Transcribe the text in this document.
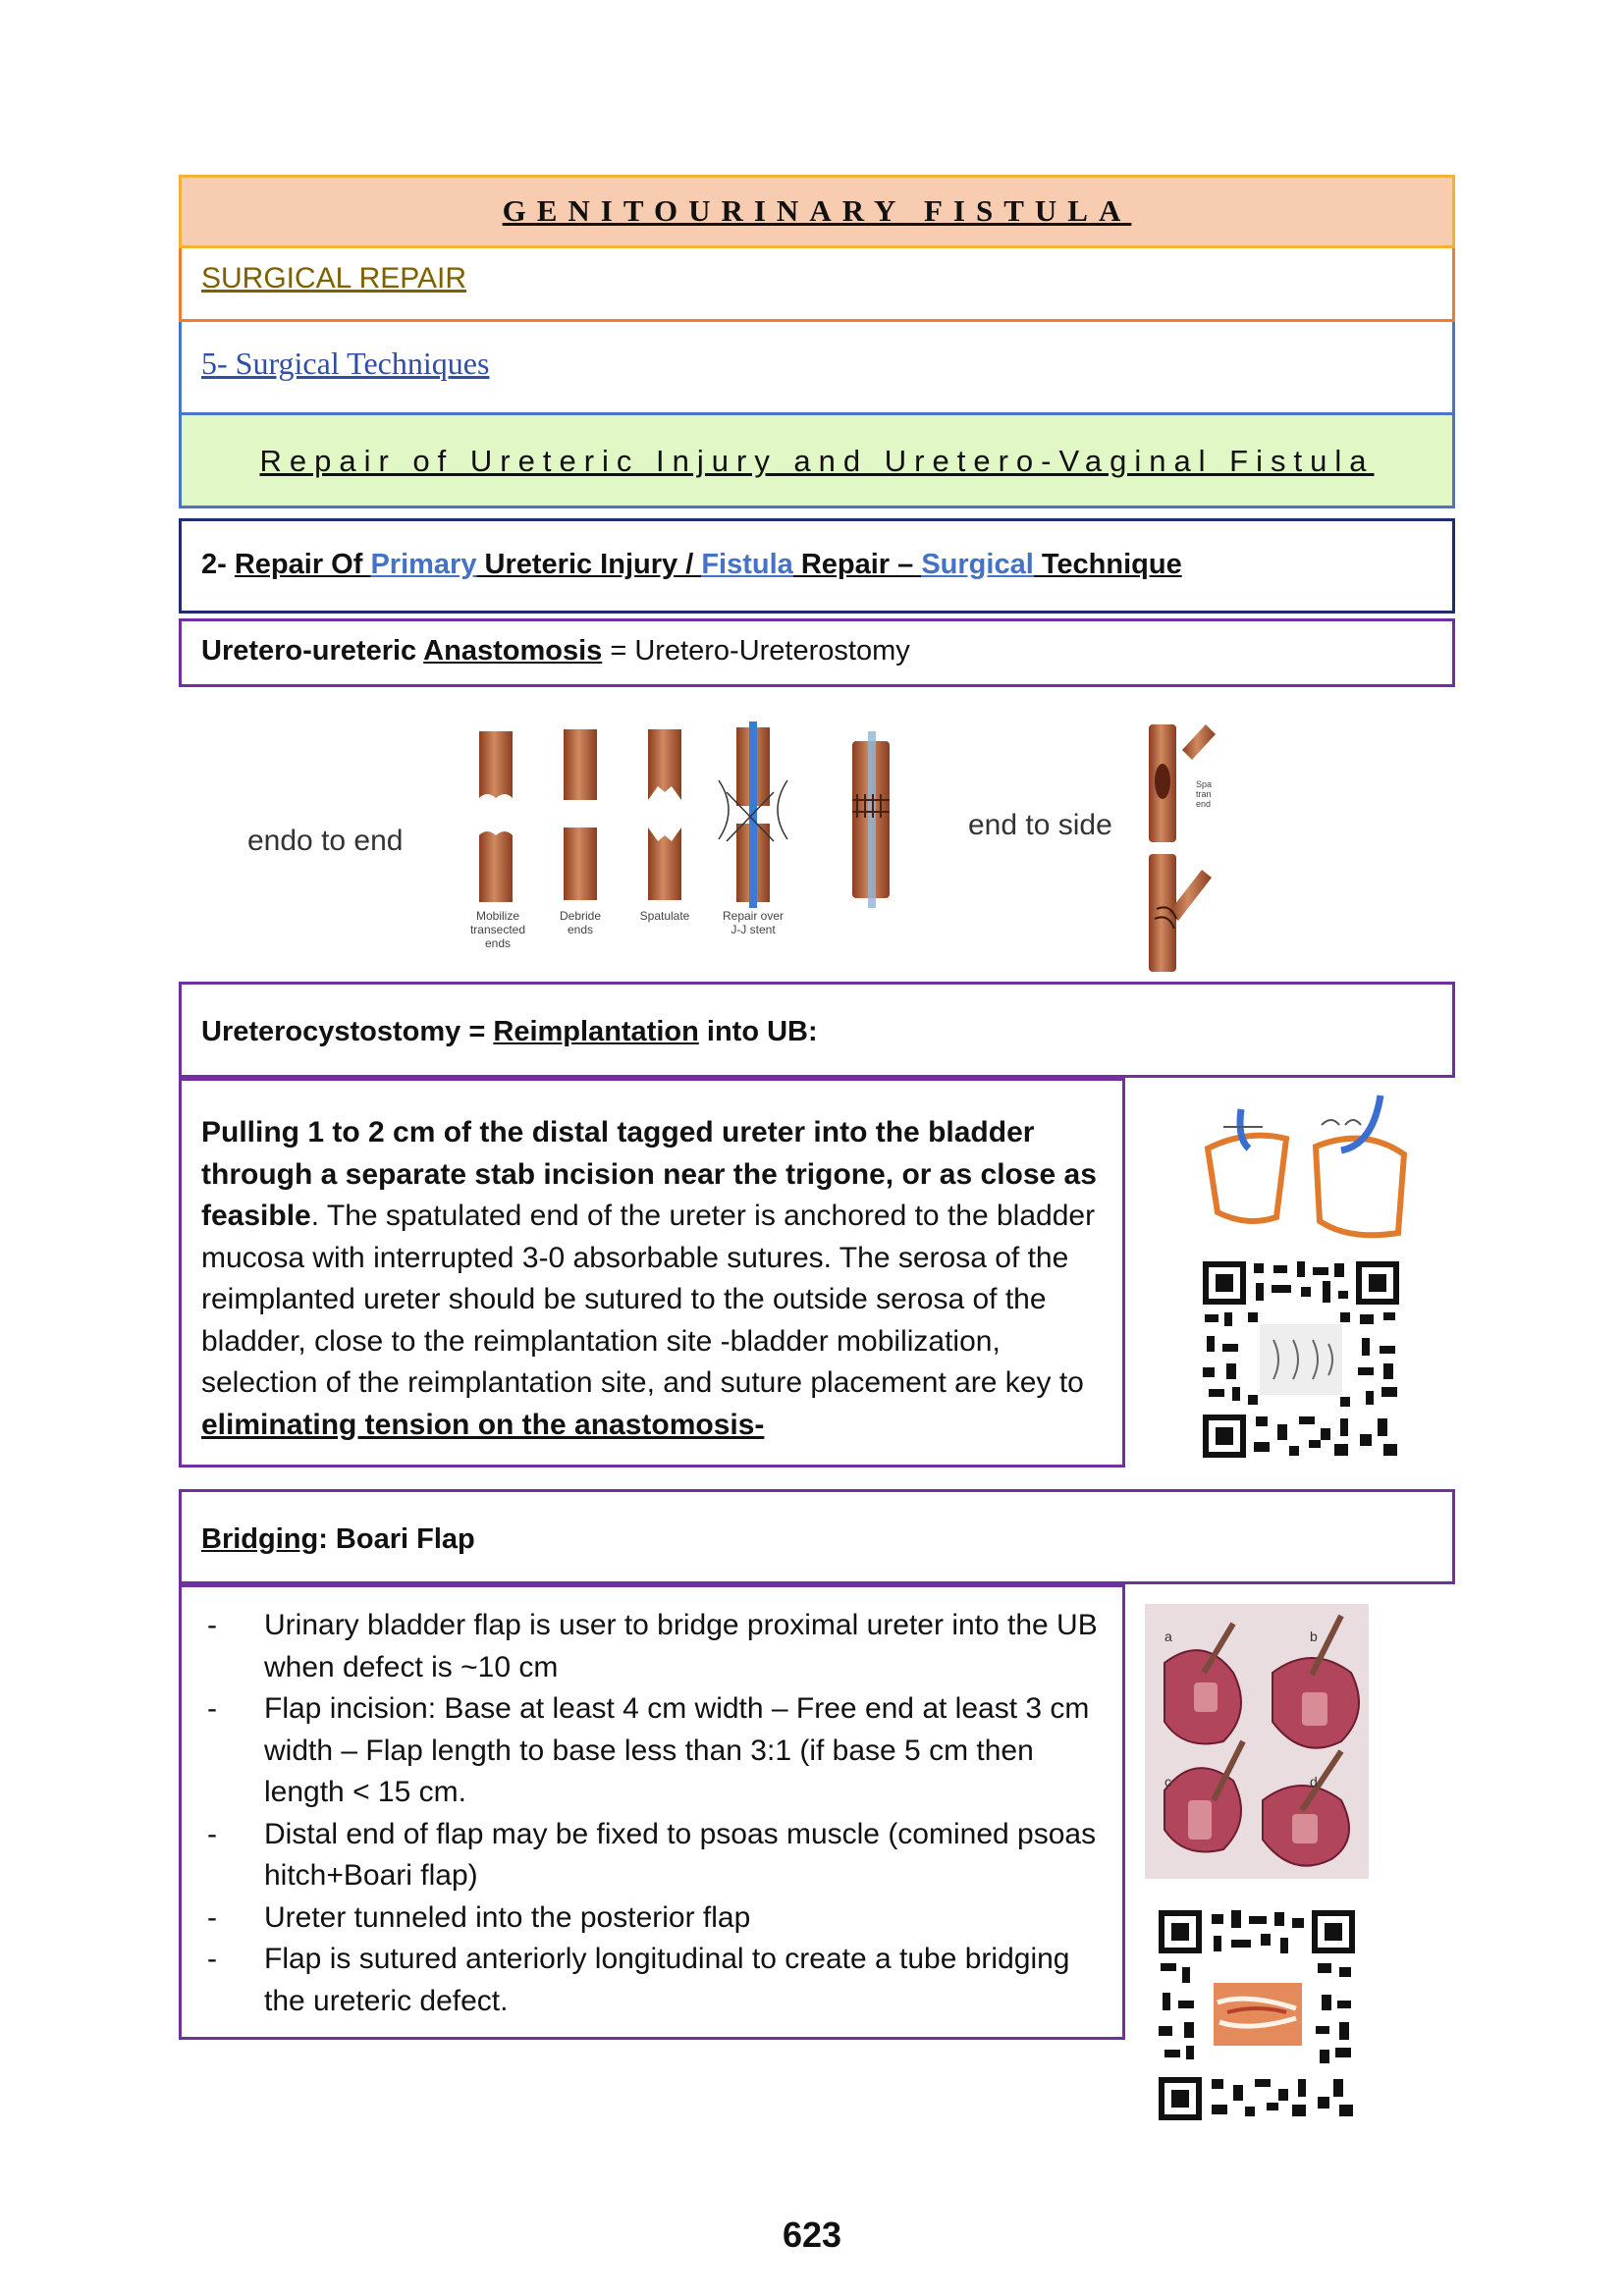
GENITOURINARY FISTULA
SURGICAL REPAIR
5- Surgical Techniques
Repair of Ureteric Injury and Uretero-Vaginal Fistula
2- Repair Of Primary Ureteric Injury / Fistula Repair – Surgical Technique
Uretero-ureteric Anastomosis = Uretero-Ureterostomy
endo to end	end to side
Mobilize
transected
ends
Debride
ends
Spatulate	Repair over
J-J stent
Spa
tran
end
Ureterocystostomy = Reimplantation into UB:
Pulling 1 to 2 cm of the distal tagged ureter into the bladder through a separate stab incision near the trigone, or as close as feasible. The spatulated end of the ureter is anchored to the bladder mucosa with interrupted 3-0 absorbable sutures. The serosa of the reimplanted ureter should be sutured to the outside serosa of the bladder, close to the reimplantation site -bladder mobilization, selection of the reimplantation site, and suture placement are key to eliminating tension on the anastomosis-
Bridging: Boari Flap
- Urinary bladder flap is user to bridge proximal ureter into the UB when defect is ~10 cm
- Flap incision: Base at least 4 cm width – Free end at least 3 cm width – Flap length to base less than 3:1 (if base 5 cm then length < 15 cm.
- Distal end of flap may be fixed to psoas muscle (comined psoas hitch+Boari flap)
- Ureter tunneled into the posterior flap
- Flap is sutured anteriorly longitudinal to create a tube bridging the ureteric defect.
a	b
c	d
623
